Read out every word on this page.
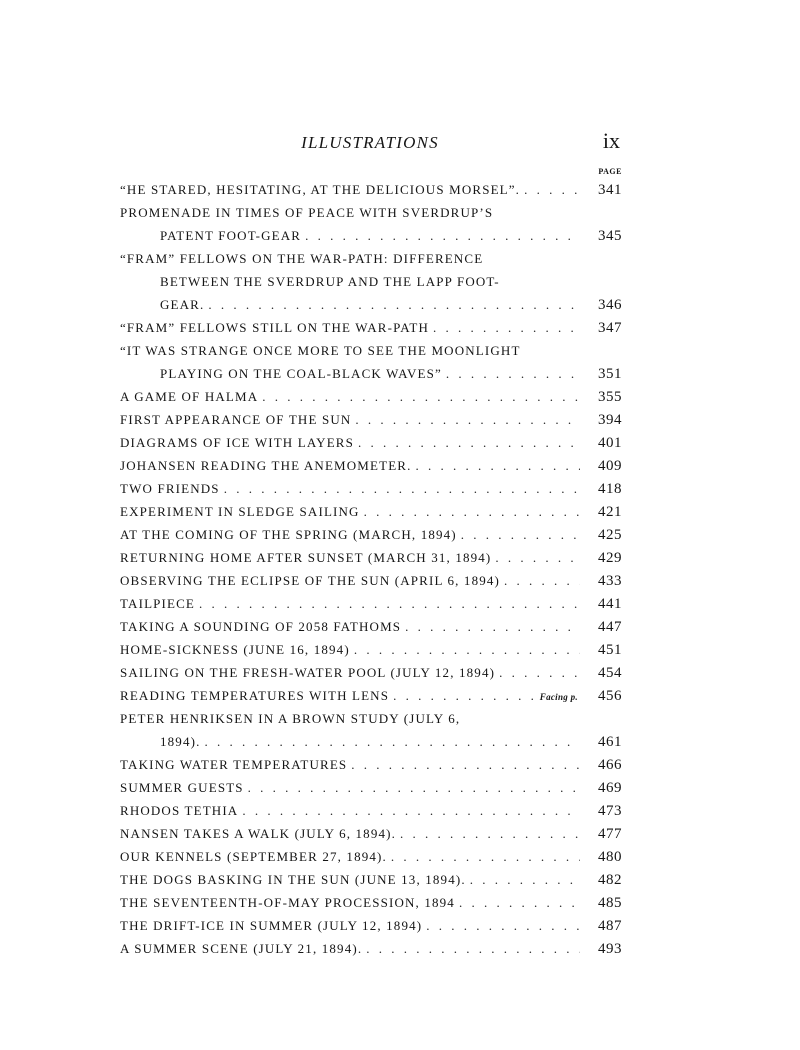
ILLUSTRATIONS	ix
PAGE
“HE STARED, HESITATING, AT THE DELICIOUS MORSEL”. . . .	341
PROMENADE IN TIMES OF PEACE WITH SVERDRUP’S
PATENT FOOT-GEAR . . .	345
“FRAM” FELLOWS ON THE WAR-PATH: DIFFERENCE
BETWEEN THE SVERDRUP AND THE LAPP FOOT-
GEAR. . . .	346
“FRAM” FELLOWS STILL ON THE WAR-PATH . . .	347
“IT WAS STRANGE ONCE MORE TO SEE THE MOONLIGHT
PLAYING ON THE COAL-BLACK WAVES” . . .	351
A GAME OF HALMA . . .	355
FIRST APPEARANCE OF THE SUN . . .	394
DIAGRAMS OF ICE WITH LAYERS . . .	401
JOHANSEN READING THE ANEMOMETER. . . .	409
TWO FRIENDS . . .	418
EXPERIMENT IN SLEDGE SAILING . . .	421
AT THE COMING OF THE SPRING (MARCH, 1894) . . .	425
RETURNING HOME AFTER SUNSET (MARCH 31, 1894) . . .	429
OBSERVING THE ECLIPSE OF THE SUN (APRIL 6, 1894) . . .	433
TAILPIECE . . .	441
TAKING A SOUNDING OF 2058 FATHOMS . . .	447
HOME-SICKNESS (JUNE 16, 1894) . . .	451
SAILING ON THE FRESH-WATER POOL (JULY 12, 1894) . . .	454
READING TEMPERATURES WITH LENS . . .	Facing p.	456
PETER HENRIKSEN IN A BROWN STUDY (JULY 6,
1894). . . .	461
TAKING WATER TEMPERATURES . . .	466
SUMMER GUESTS . . .	469
RHODOS TETHIA . . .	473
NANSEN TAKES A WALK (JULY 6, 1894). . . .	477
OUR KENNELS (SEPTEMBER 27, 1894). . . .	480
THE DOGS BASKING IN THE SUN (JUNE 13, 1894). . . .	482
THE SEVENTEENTH-OF-MAY PROCESSION, 1894 . . .	485
THE DRIFT-ICE IN SUMMER (JULY 12, 1894) . . .	487
A SUMMER SCENE (JULY 21, 1894). . . .	493
